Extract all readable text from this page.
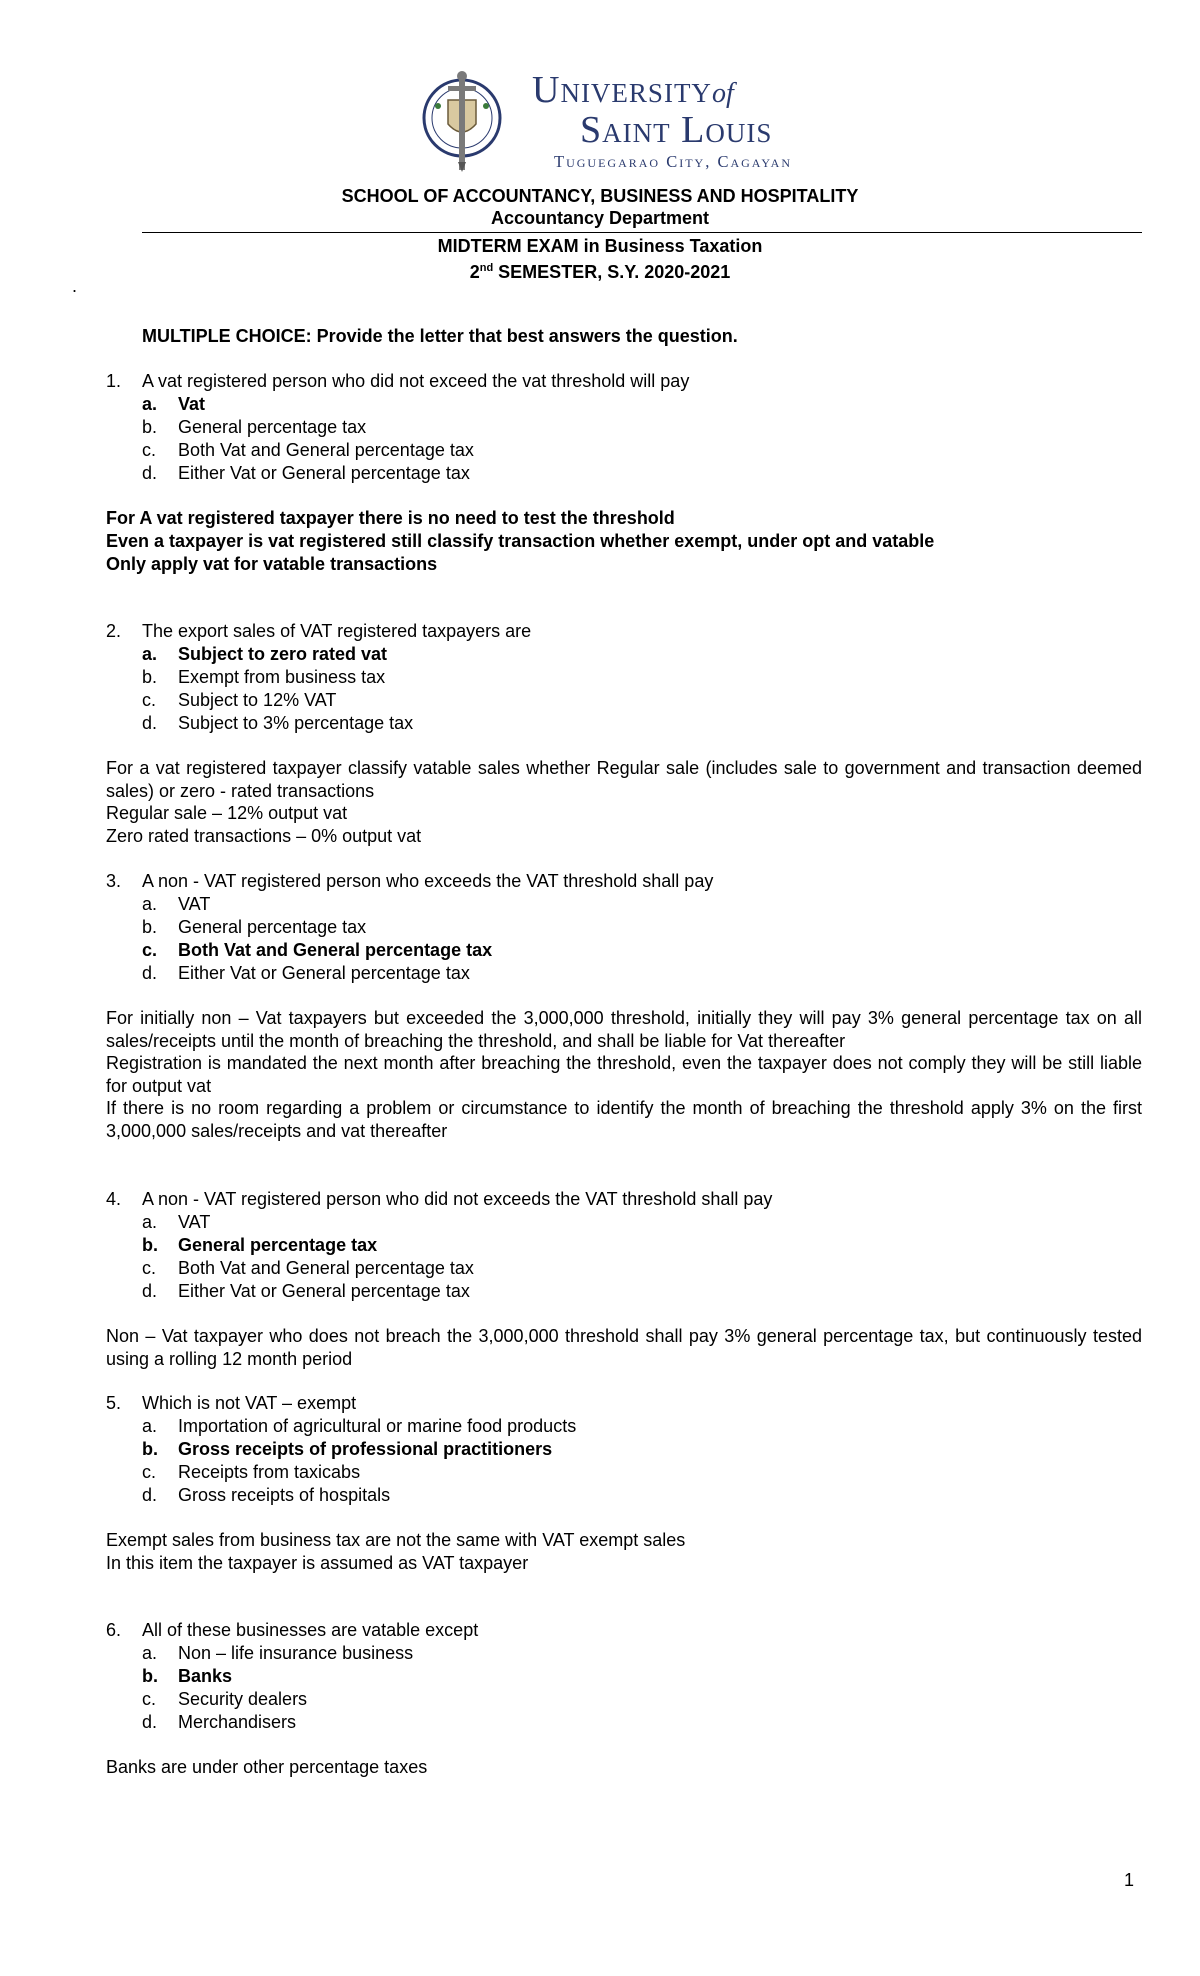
Universityof
Saint Louis
Tuguegarao City, Cagayan
SCHOOL OF ACCOUNTANCY, BUSINESS AND HOSPITALITY
Accountancy Department
MIDTERM EXAM in Business Taxation
2nd SEMESTER, S.Y. 2020-2021
.
MULTIPLE CHOICE: Provide the letter that best answers the question.
1. A vat registered person who did not exceed the vat threshold will pay
a. Vat
b. General percentage tax
c. Both Vat and General percentage tax
d. Either Vat or General percentage tax
For A vat registered taxpayer there is no need to test the threshold
Even a taxpayer is vat registered still classify transaction whether exempt, under opt and vatable
Only apply vat for vatable transactions
2. The export sales of VAT registered taxpayers are
a. Subject to zero rated vat
b. Exempt from business tax
c. Subject to 12% VAT
d. Subject to 3% percentage tax
For a vat registered taxpayer classify vatable sales whether Regular sale (includes sale to government and transaction deemed sales) or zero - rated transactions
Regular sale – 12% output vat
Zero rated transactions – 0% output vat
3. A non - VAT registered person who exceeds the VAT threshold shall pay
a. VAT
b. General percentage tax
c. Both Vat and General percentage tax
d. Either Vat or General percentage tax
For initially non – Vat taxpayers but exceeded the 3,000,000 threshold, initially they will pay 3% general percentage tax on all sales/receipts until the month of breaching the threshold, and shall be liable for Vat thereafter
Registration is mandated the next month after breaching the threshold, even the taxpayer does not comply they will be still liable for output vat
If there is no room regarding a problem or circumstance to identify the month of breaching the threshold apply 3% on the first 3,000,000 sales/receipts and vat thereafter
4. A non - VAT registered person who did not exceeds the VAT threshold shall pay
a. VAT
b. General percentage tax
c. Both Vat and General percentage tax
d. Either Vat or General percentage tax
Non – Vat taxpayer who does not breach the 3,000,000 threshold shall pay 3% general percentage tax, but continuously tested using a rolling 12 month period
5. Which is not VAT – exempt
a. Importation of agricultural or marine food products
b. Gross receipts of professional practitioners
c. Receipts from taxicabs
d. Gross receipts of hospitals
Exempt sales from business tax are not the same with VAT exempt sales
In this item the taxpayer is assumed as VAT taxpayer
6. All of these businesses are vatable except
a. Non – life insurance business
b. Banks
c. Security dealers
d. Merchandisers
Banks are under other percentage taxes
1
